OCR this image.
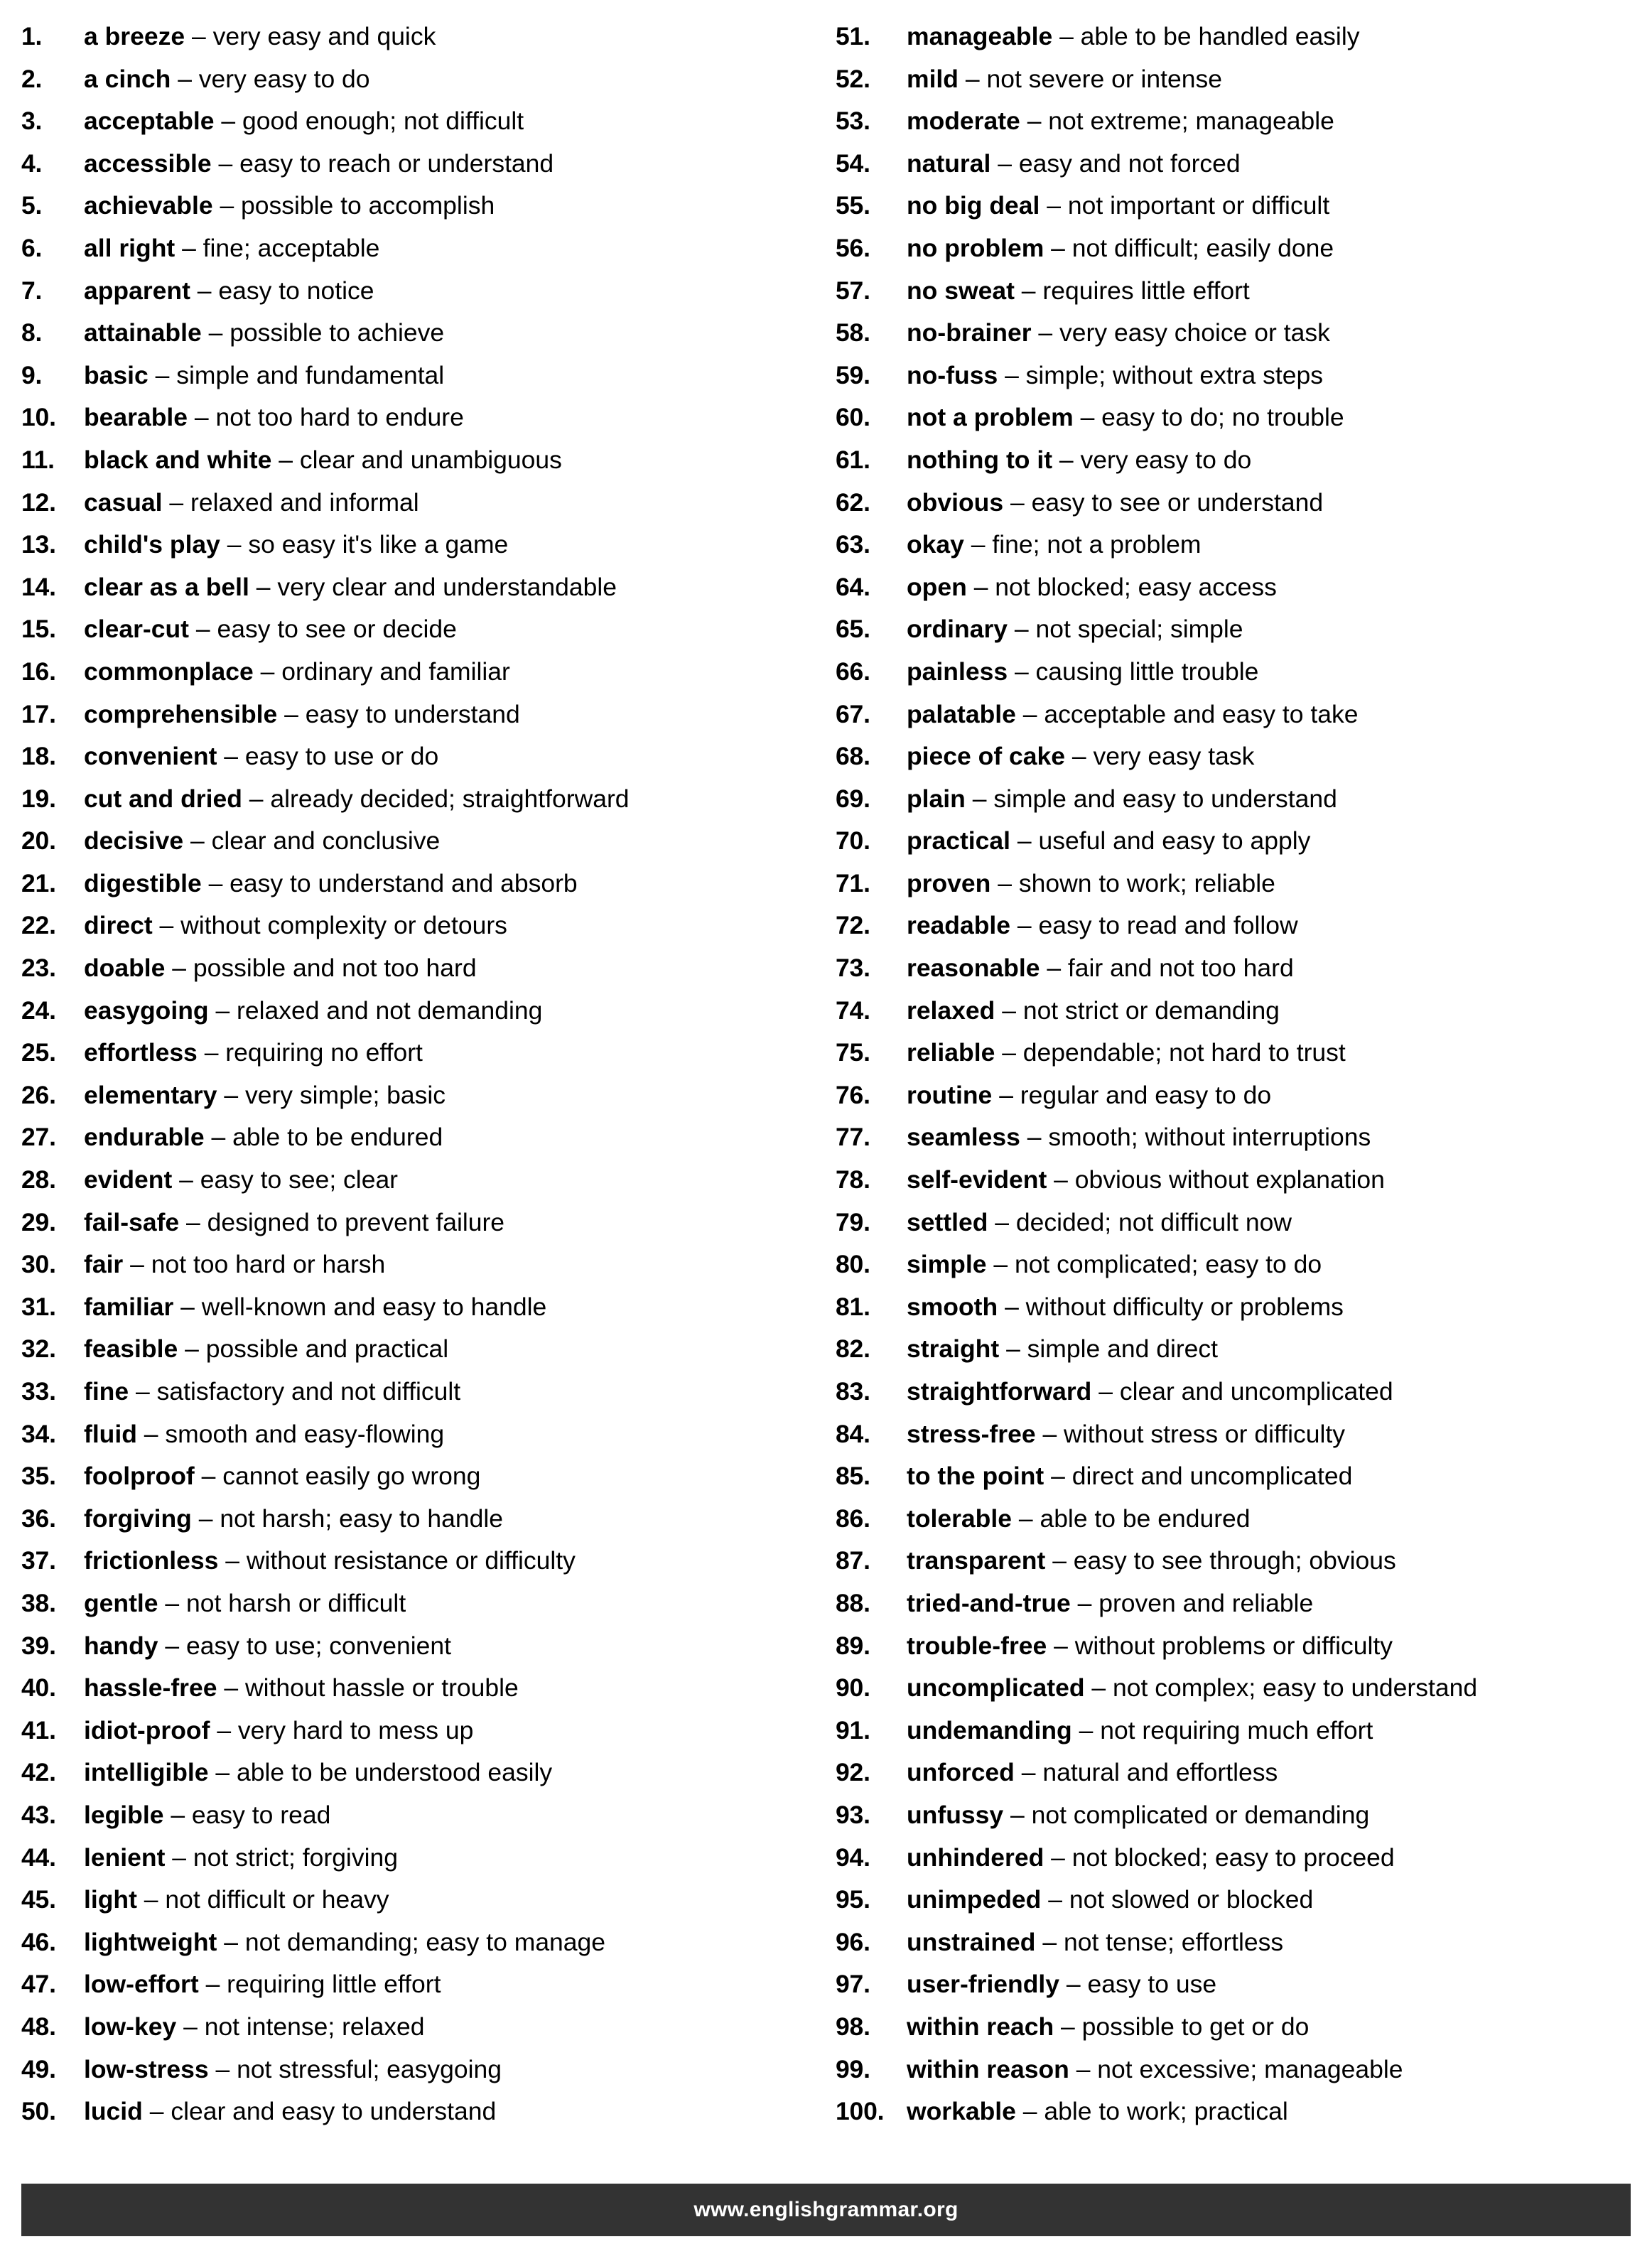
1.	a breeze
– very easy and quick
2.	a cinch
– very easy to do
3.	acceptable
– good enough; not difficult
4.	accessible
– easy to reach or understand
5.	achievable
– possible to accomplish
6.	all right
– fine; acceptable
7.	apparent
– easy to notice
8.	attainable
– possible to achieve
9.	basic
– simple and fundamental
10.	bearable
– not too hard to endure
11.	black and white
– clear and unambiguous
12.	casual
– relaxed and informal
13.	child's play
– so easy it's like a game
14.	clear as a bell
– very clear and understandable
15.	clear-cut
– easy to see or decide
16.	commonplace
– ordinary and familiar
17.	comprehensible
– easy to understand
18.	convenient
– easy to use or do
19.	cut and dried
– already decided; straightforward
20.	decisive
– clear and conclusive
21.	digestible
– easy to understand and absorb
22.	direct
– without complexity or detours
23.	doable
– possible and not too hard
24.	easygoing
– relaxed and not demanding
25.	effortless
– requiring no effort
26.	elementary
– very simple; basic
27.	endurable
– able to be endured
28.	evident
– easy to see; clear
29.	fail-safe
– designed to prevent failure
30.	fair
– not too hard or harsh
31.	familiar
– well-known and easy to handle
32.	feasible
– possible and practical
33.	fine
– satisfactory and not difficult
34.	fluid
– smooth and easy-flowing
35.	foolproof
– cannot easily go wrong
36.	forgiving
– not harsh; easy to handle
37.	frictionless
– without resistance or difficulty
38.	gentle
– not harsh or difficult
39.	handy
– easy to use; convenient
40.	hassle-free
– without hassle or trouble
41.	idiot-proof
– very hard to mess up
42.	intelligible
– able to be understood easily
43.	legible
– easy to read
44.	lenient
– not strict; forgiving
45.	light
– not difficult or heavy
46.	lightweight
– not demanding; easy to manage
47.	low-effort
– requiring little effort
48.	low-key
– not intense; relaxed
49.	low-stress
– not stressful; easygoing
50.	lucid
– clear and easy to understand
51.	manageable
– able to be handled easily
52.	mild
– not severe or intense
53.	moderate
– not extreme; manageable
54.	natural
– easy and not forced
55.	no big deal
– not important or difficult
56.	no problem
– not difficult; easily done
57.	no sweat
– requires little effort
58.	no-brainer
– very easy choice or task
59.	no-fuss
– simple; without extra steps
60.	not a problem
– easy to do; no trouble
61.	nothing to it
– very easy to do
62.	obvious
– easy to see or understand
63.	okay
– fine; not a problem
64.	open
– not blocked; easy access
65.	ordinary
– not special; simple
66.	painless
– causing little trouble
67.	palatable
– acceptable and easy to take
68.	piece of cake
– very easy task
69.	plain
– simple and easy to understand
70.	practical
– useful and easy to apply
71.	proven
– shown to work; reliable
72.	readable
– easy to read and follow
73.	reasonable
– fair and not too hard
74.	relaxed
– not strict or demanding
75.	reliable
– dependable; not hard to trust
76.	routine
– regular and easy to do
77.	seamless
– smooth; without interruptions
78.	self-evident
– obvious without explanation
79.	settled
– decided; not difficult now
80.	simple
– not complicated; easy to do
81.	smooth
– without difficulty or problems
82.	straight
– simple and direct
83.	straightforward
– clear and uncomplicated
84.	stress-free
– without stress or difficulty
85.	to the point
– direct and uncomplicated
86.	tolerable
– able to be endured
87.	transparent
– easy to see through; obvious
88.	tried-and-true
– proven and reliable
89.	trouble-free
– without problems or difficulty
90.	uncomplicated
– not complex; easy to understand
91.	undemanding
– not requiring much effort
92.	unforced
– natural and effortless
93.	unfussy
– not complicated or demanding
94.	unhindered
– not blocked; easy to proceed
95.	unimpeded
– not slowed or blocked
96.	unstrained
– not tense; effortless
97.	user-friendly
– easy to use
98.	within reach
– possible to get or do
99.	within reason
– not excessive; manageable
100. workable
– able to work; practical
www.englishgrammar.org
